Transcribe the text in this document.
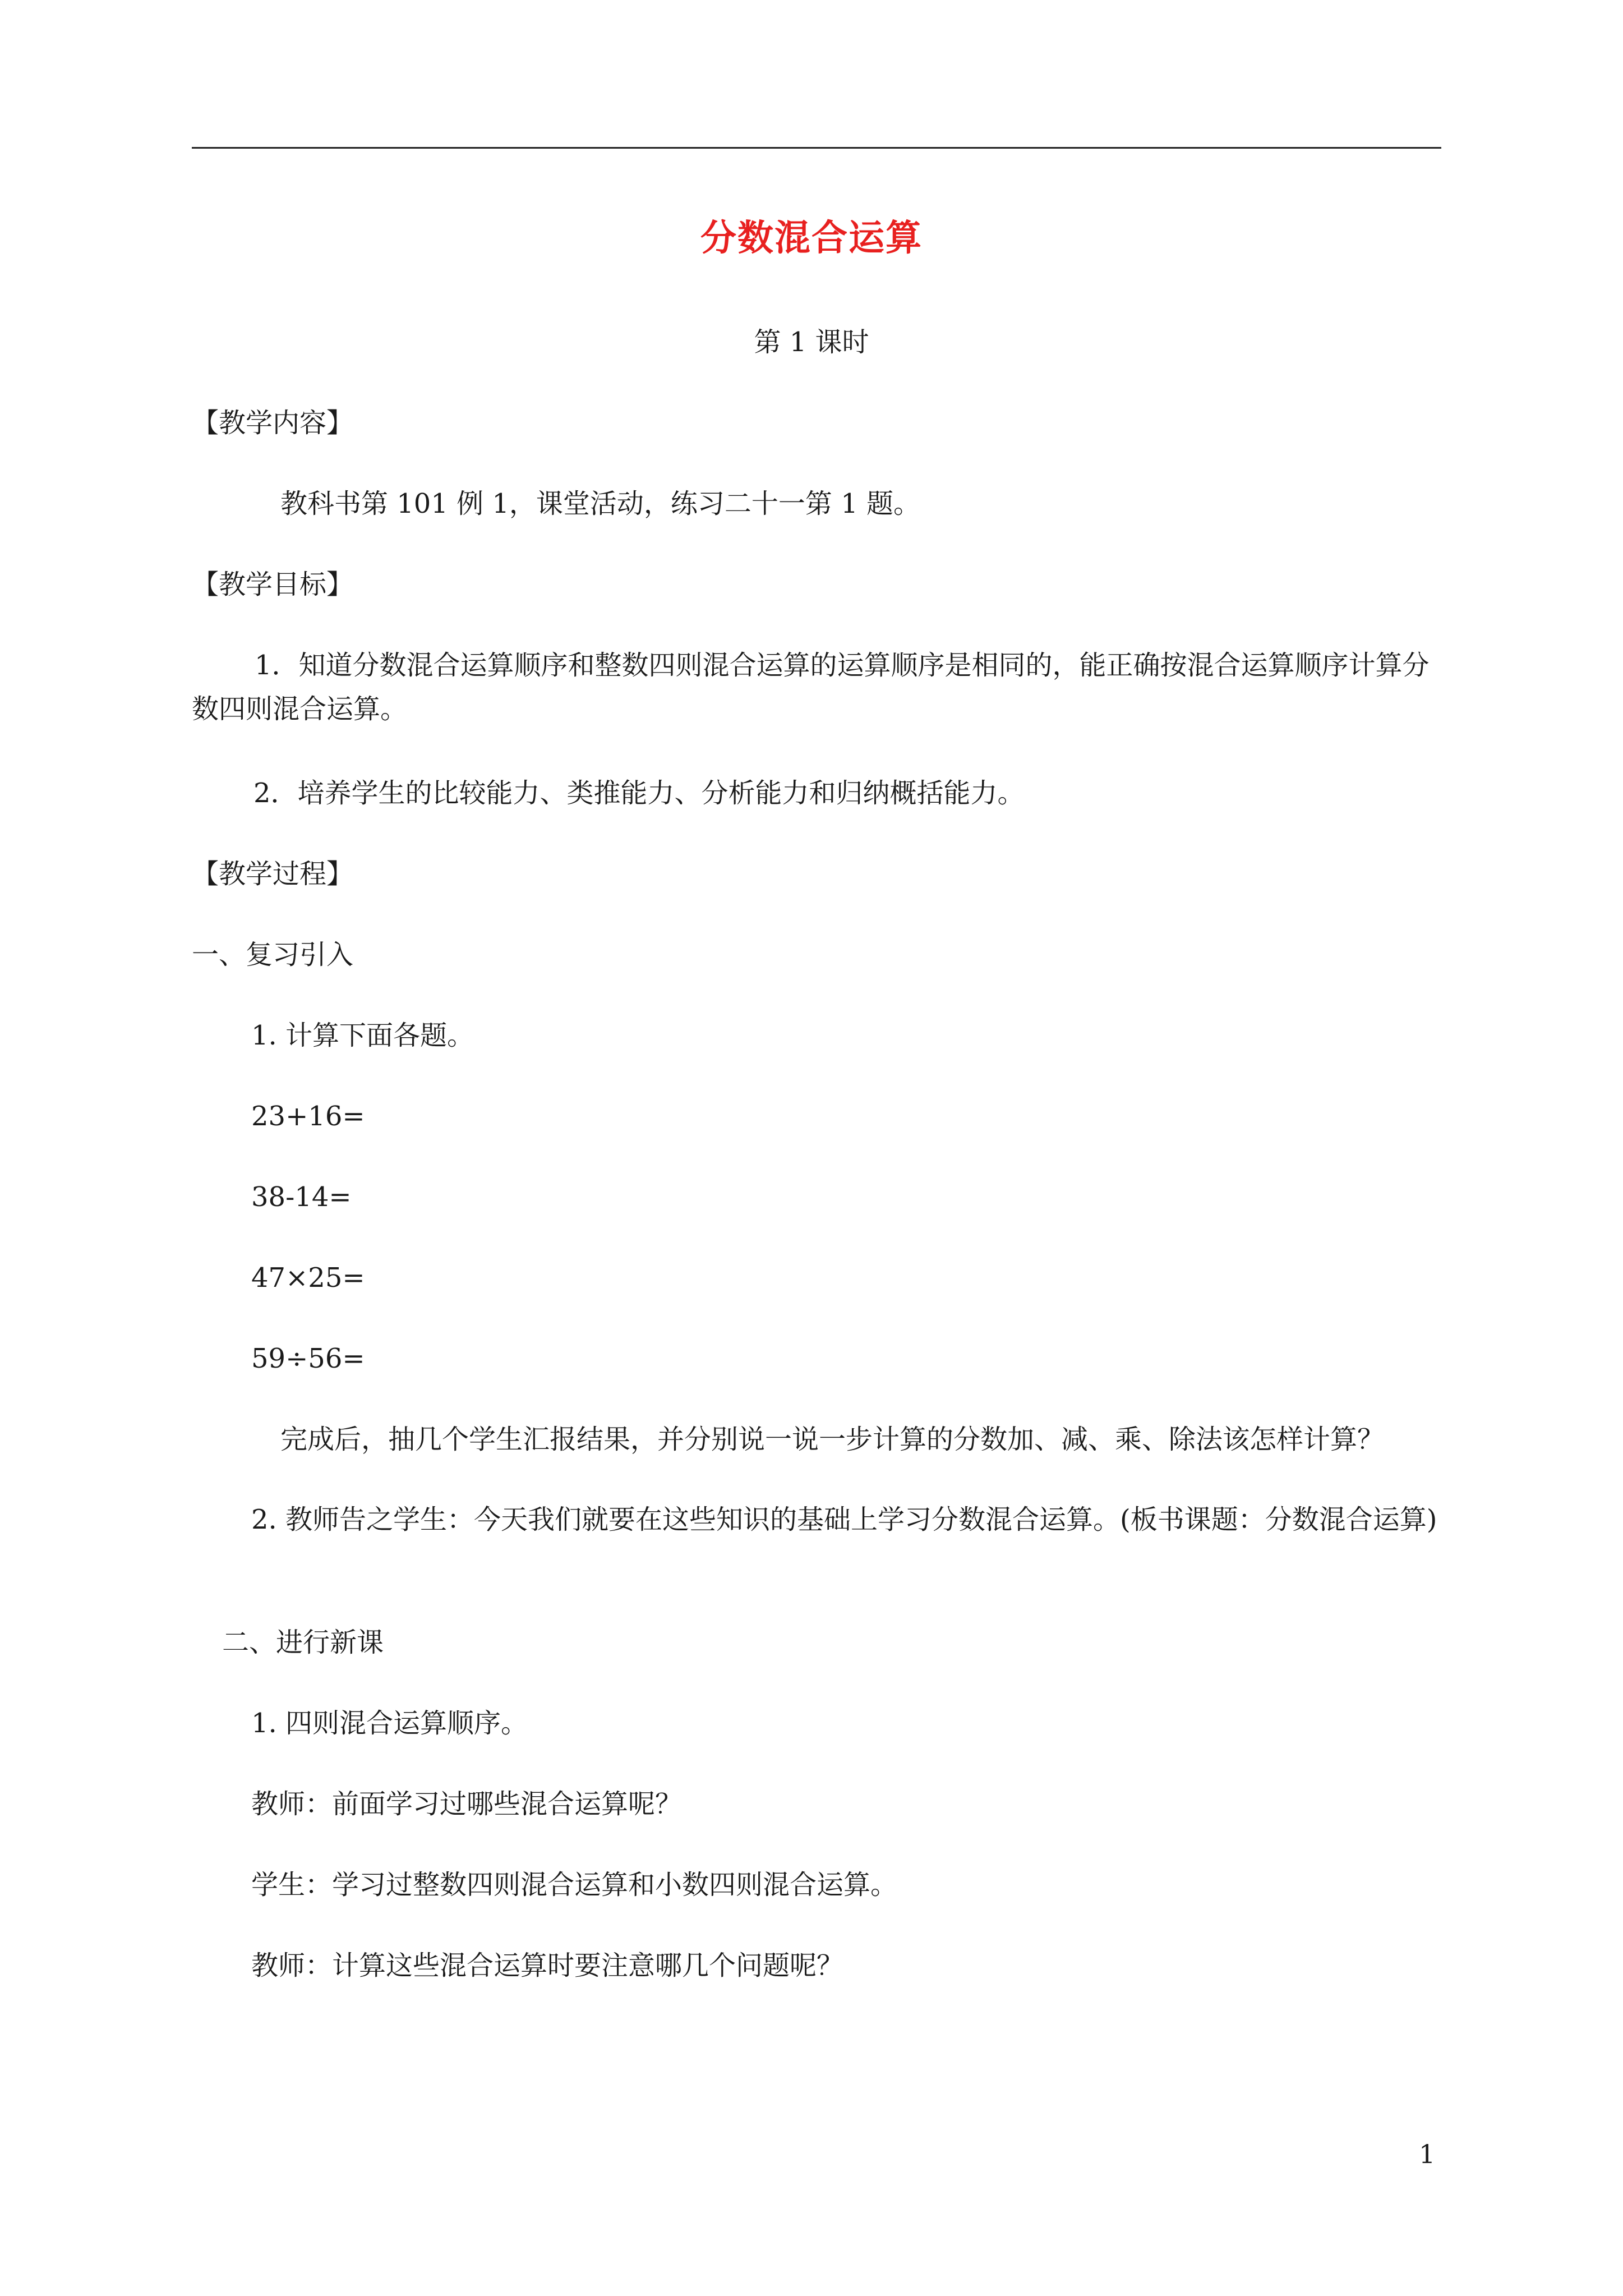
分数混合运算
第 1 课时
【教学内容】
教科书第 101 例 1，课堂活动，练习二十一第 1 题。
【教学目标】
1．知道分数混合运算顺序和整数四则混合运算的运算顺序是相同的，能正确按混合运算顺序计算分数四则混合运算。
2．培养学生的比较能力、类推能力、分析能力和归纳概括能力。
【教学过程】
一、复习引入
1. 计算下面各题。
23+16=
38-14=
47×25=
59÷56=
完成后，抽几个学生汇报结果，并分别说一说一步计算的分数加、减、乘、除法该怎样计算？
2. 教师告之学生：今天我们就要在这些知识的基础上学习分数混合运算。(板书课题：分数混合运算)
二、进行新课
1. 四则混合运算顺序。
教师：前面学习过哪些混合运算呢？
学生：学习过整数四则混合运算和小数四则混合运算。
教师：计算这些混合运算时要注意哪几个问题呢？
1
